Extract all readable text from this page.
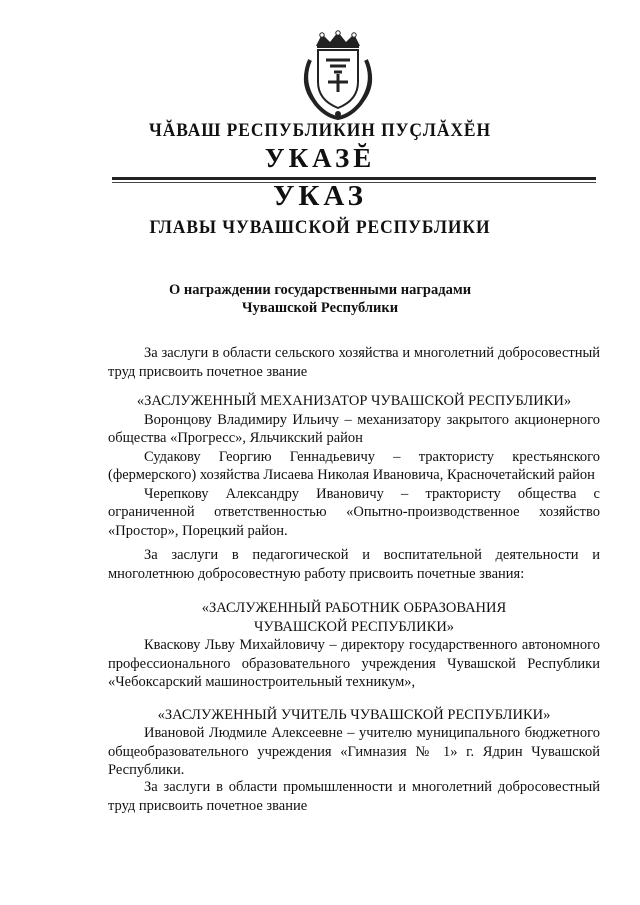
ЧĂВАШ РЕСПУБЛИКИН ПУҪЛĂХĔН
УКАЗĔ
УКАЗ
ГЛАВЫ ЧУВАШСКОЙ РЕСПУБЛИКИ
О награждении государственными наградами
Чувашской Республики

За заслуги в области сельского хозяйства и многолетний добросовестный труд присвоить почетное звание

«ЗАСЛУЖЕННЫЙ МЕХАНИЗАТОР ЧУВАШСКОЙ РЕСПУБЛИКИ»

Воронцову Владимиру Ильичу – механизатору закрытого акционерного общества «Прогресс», Яльчикский район

Судакову Георгию Геннадьевичу – трактористу крестьянского (фермерского) хозяйства Лисаева Николая Ивановича, Красночетайский район

Черепкову Александру Ивановичу – трактористу общества с ограниченной ответственностью «Опытно-производственное хозяйство «Простор», Порецкий район.

За заслуги в педагогической и воспитательной деятельности и многолетнюю добросовестную работу присвоить почетные звания:

«ЗАСЛУЖЕННЫЙ РАБОТНИК ОБРАЗОВАНИЯ

ЧУВАШСКОЙ РЕСПУБЛИКИ»

Кваскову Льву Михайловичу – директору государственного автономного профессионального образовательного учреждения Чувашской Республики «Чебоксарский машиностроительный техникум»,

«ЗАСЛУЖЕННЫЙ УЧИТЕЛЬ ЧУВАШСКОЙ РЕСПУБЛИКИ»

Ивановой Людмиле Алексеевне – учителю муниципального бюджетного общеобразовательного учреждения «Гимназия № 1» г. Ядрин Чувашской Республики.

За заслуги в области промышленности и многолетний добросовестный труд присвоить почетное звание
